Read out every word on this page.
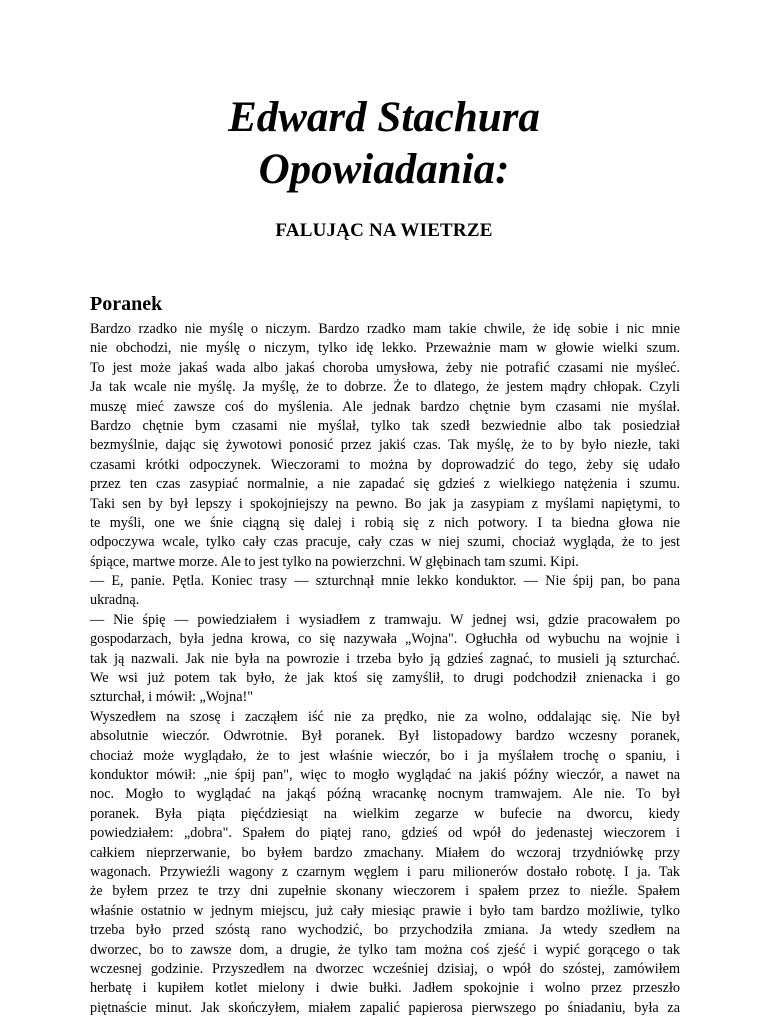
Edward Stachura
Opowiadania:
FALUJĄC NA WIETRZE
Poranek
Bardzo rzadko nie myślę o niczym. Bardzo rzadko mam takie chwile, że idę sobie i nic mnie
nie obchodzi, nie myślę o niczym, tylko idę lekko. Przeważnie mam w głowie wielki szum.
To jest może jakaś wada albo jakaś choroba umysłowa, żeby nie potrafić czasami nie myśleć.
Ja tak wcale nie myślę. Ja myślę, że to dobrze. Że to dlatego, że jestem mądry chłopak. Czyli
muszę mieć zawsze coś do myślenia. Ale jednak bardzo chętnie bym czasami nie myślał.
Bardzo chętnie bym czasami nie myślał, tylko tak szedł bezwiednie albo tak posiedział
bezmyślnie, dając się żywotowi ponosić przez jakiś czas. Tak myślę, że to by było niezłe, taki
czasami krótki odpoczynek. Wieczorami to można by doprowadzić do tego, żeby się udało
przez ten czas zasypiać normalnie, a nie zapadać się gdzieś z wielkiego natężenia i szumu.
Taki sen by był lepszy i spokojniejszy na pewno. Bo jak ja zasypiam z myślami napiętymi, to
te myśli, one we śnie ciągną się dalej i robią się z nich potwory. I ta biedna głowa nie
odpoczywa wcale, tylko cały czas pracuje, cały czas w niej szumi, chociaż wygląda, że to jest
śpiące, martwe morze. Ale to jest tylko na powierzchni. W głębinach tam szumi. Kipi.
— E, panie. Pętla. Koniec trasy — szturchnął mnie lekko konduktor. — Nie śpij pan, bo pana
ukradną.
— Nie śpię — powiedziałem i wysiadłem z tramwaju. W jednej wsi, gdzie pracowałem po
gospodarzach, była jedna krowa, co się nazywała „Wojna". Ogłuchła od wybuchu na wojnie i
tak ją nazwali. Jak nie była na powrozie i trzeba było ją gdzieś zagnać, to musieli ją szturchać.
We wsi już potem tak było, że jak ktoś się zamyślił, to drugi podchodził znienacka i go
szturchał, i mówił: „Wojna!"
Wyszedłem na szosę i zacząłem iść nie za prędko, nie za wolno, oddalając się. Nie był
absolutnie wieczór. Odwrotnie. Był poranek. Był listopadowy bardzo wczesny poranek,
chociaż może wyglądało, że to jest właśnie wieczór, bo i ja myślałem trochę o spaniu, i
konduktor mówił: „nie śpij pan", więc to mogło wyglądać na jakiś późny wieczór, a nawet na
noc. Mogło to wyglądać na jakąś późną wracankę nocnym tramwajem. Ale nie. To był
poranek. Była piąta pięćdziesiąt na wielkim zegarze w bufecie na dworcu, kiedy
powiedziałem: „dobra". Spałem do piątej rano, gdzieś od wpół do jedenastej wieczorem i
całkiem nieprzerwanie, bo byłem bardzo zmachany. Miałem do wczoraj trzydniówkę przy
wagonach. Przywieźli wagony z czarnym węglem i paru milionerów dostało robotę. I ja. Tak
że byłem przez te trzy dni zupełnie skonany wieczorem i spałem przez to nieźle. Spałem
właśnie ostatnio w jednym miejscu, już cały miesiąc prawie i było tam bardzo możliwie, tylko
trzeba było przed szóstą rano wychodzić, bo przychodziła zmiana. Ja wtedy szedłem na
dworzec, bo to zawsze dom, a drugie, że tylko tam można coś zjeść i wypić gorącego o tak
wczesnej godzinie. Przyszedłem na dworzec wcześniej dzisiaj, o wpół do szóstej, zamówiłem
herbatę i kupiłem kotlet mielony i dwie bułki. Jadłem spokojnie i wolno przez przeszło
piętnaście minut. Jak skończyłem, miałem zapalić papierosa pierwszego po śniadaniu, była za
